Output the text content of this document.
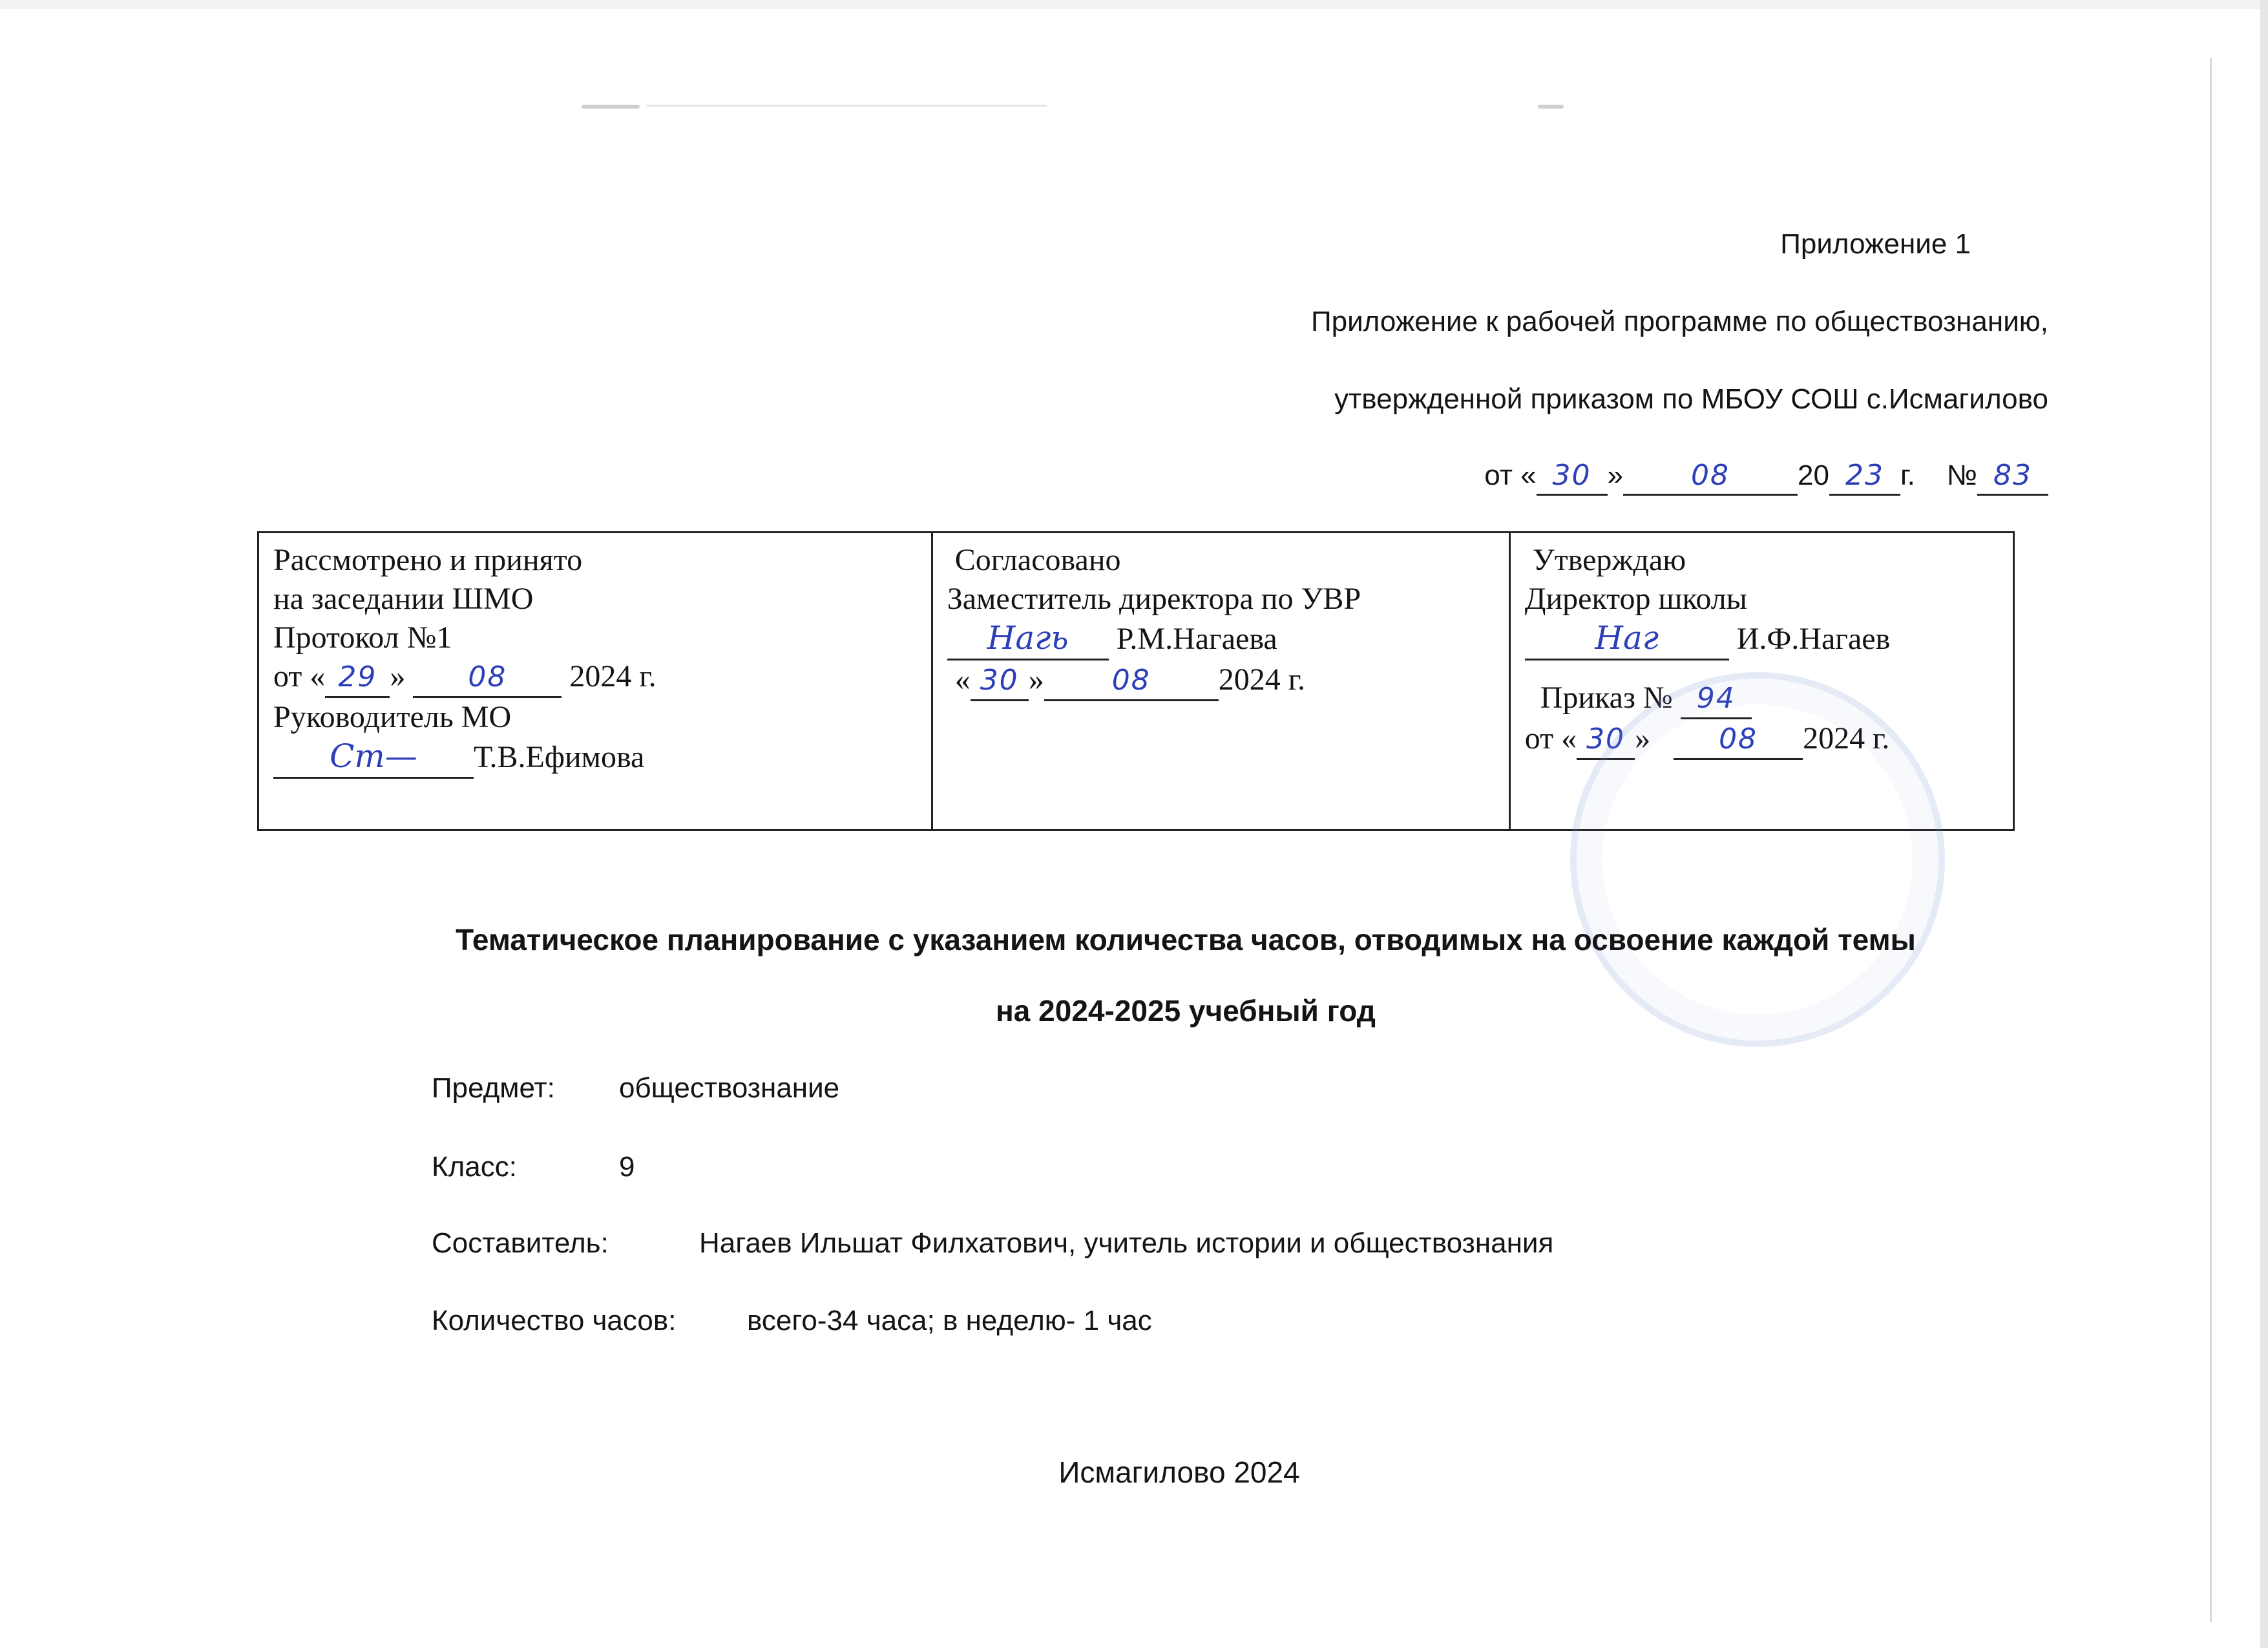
Приложение 1
Приложение к рабочей программе по обществознанию,
утвержденной приказом по МБОУ СОШ с.Исмагилово
от « 30 » 08 20 23 г. № 83
Рассмотрено и принято
на заседании ШМО
Протокол №1
от « 29 » 08 2024 г.
Руководитель МО
Ст— Т.В.Ефимова
Согласовано
Заместитель директора по УВР
Нагь Р.М.Нагаева
« 30 » 08 2024 г.
Утверждаю
Директор школы
Наг	И.Ф.Нагаев
Приказ № 94
от « 30 » 08 2024 г.
Тематическое планирование с указанием количества часов, отводимых на освоение каждой темы
на 2024-2025 учебный год
Предмет: обществознание
Класс:	9
Составитель:	Нагаев Ильшат Филхатович, учитель истории и обществознания
Количество часов: всего-34 часа; в неделю- 1 час
Исмагилово 2024
